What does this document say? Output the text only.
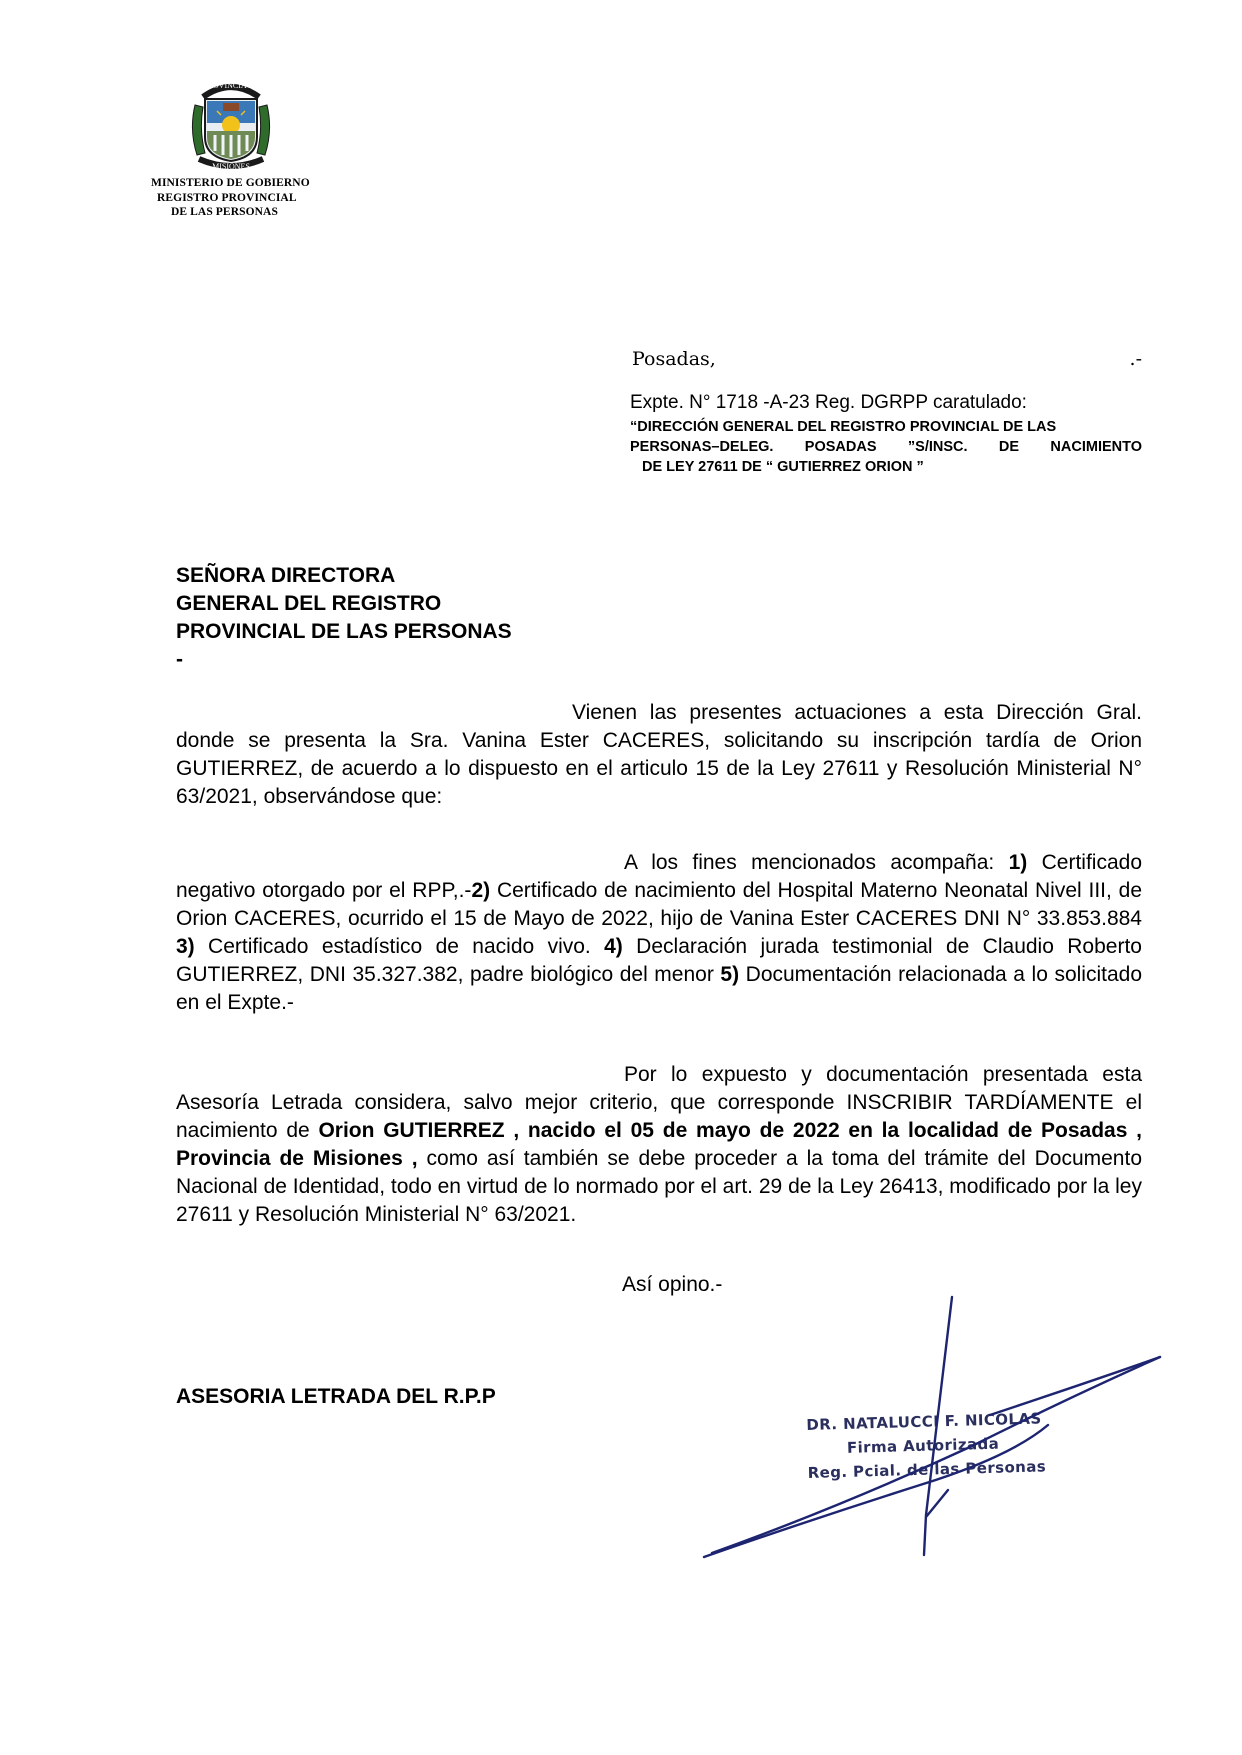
PROVINCIA DE
MISIONES
MINISTERIO DE GOBIERNO
REGISTRO PROVINCIAL
DE LAS PERSONAS
Posadas,	.-
Expte. N° 1718 -A-23 Reg. DGRPP caratulado:
“DIRECCIÓN GENERAL DEL REGISTRO PROVINCIAL DE LAS
PERSONAS–DELEG. POSADAS ”S/INSC. DE NACIMIENTO
DE LEY 27611 DE “ GUTIERREZ ORION ”
SEÑORA DIRECTORA
GENERAL DEL REGISTRO
PROVINCIAL DE LAS PERSONAS
-
Vienen las presentes actuaciones a esta Dirección Gral. donde se presenta la Sra. Vanina Ester CACERES, solicitando su inscripción tardía de Orion GUTIERREZ, de acuerdo a lo dispuesto en el articulo 15 de la Ley 27611 y Resolución Ministerial N° 63/2021, observándose que:
A los fines mencionados acompaña: 1) Certificado negativo otorgado por el RPP,.-2) Certificado de nacimiento del Hospital Materno Neonatal Nivel III, de Orion CACERES, ocurrido el 15 de Mayo de 2022, hijo de Vanina Ester CACERES DNI N° 33.853.884 3) Certificado estadístico de nacido vivo. 4) Declaración jurada testimonial de Claudio Roberto GUTIERREZ, DNI 35.327.382, padre biológico del menor 5) Documentación relacionada a lo solicitado en el Expte.-
Por lo expuesto y documentación presentada esta Asesoría Letrada considera, salvo mejor criterio, que corresponde INSCRIBIR TARDÍAMENTE el nacimiento de Orion GUTIERREZ , nacido el 05 de mayo de 2022 en la localidad de Posadas , Provincia de Misiones , como así también se debe proceder a la toma del trámite del Documento Nacional de Identidad, todo en virtud de lo normado por el art. 29 de la Ley 26413, modificado por la ley 27611 y Resolución Ministerial N° 63/2021.
Así opino.-
ASESORIA LETRADA DEL R.P.P
DR. NATALUCCI F. NICOLAS
Firma Autorizada
Reg. Pcial. de las Personas
